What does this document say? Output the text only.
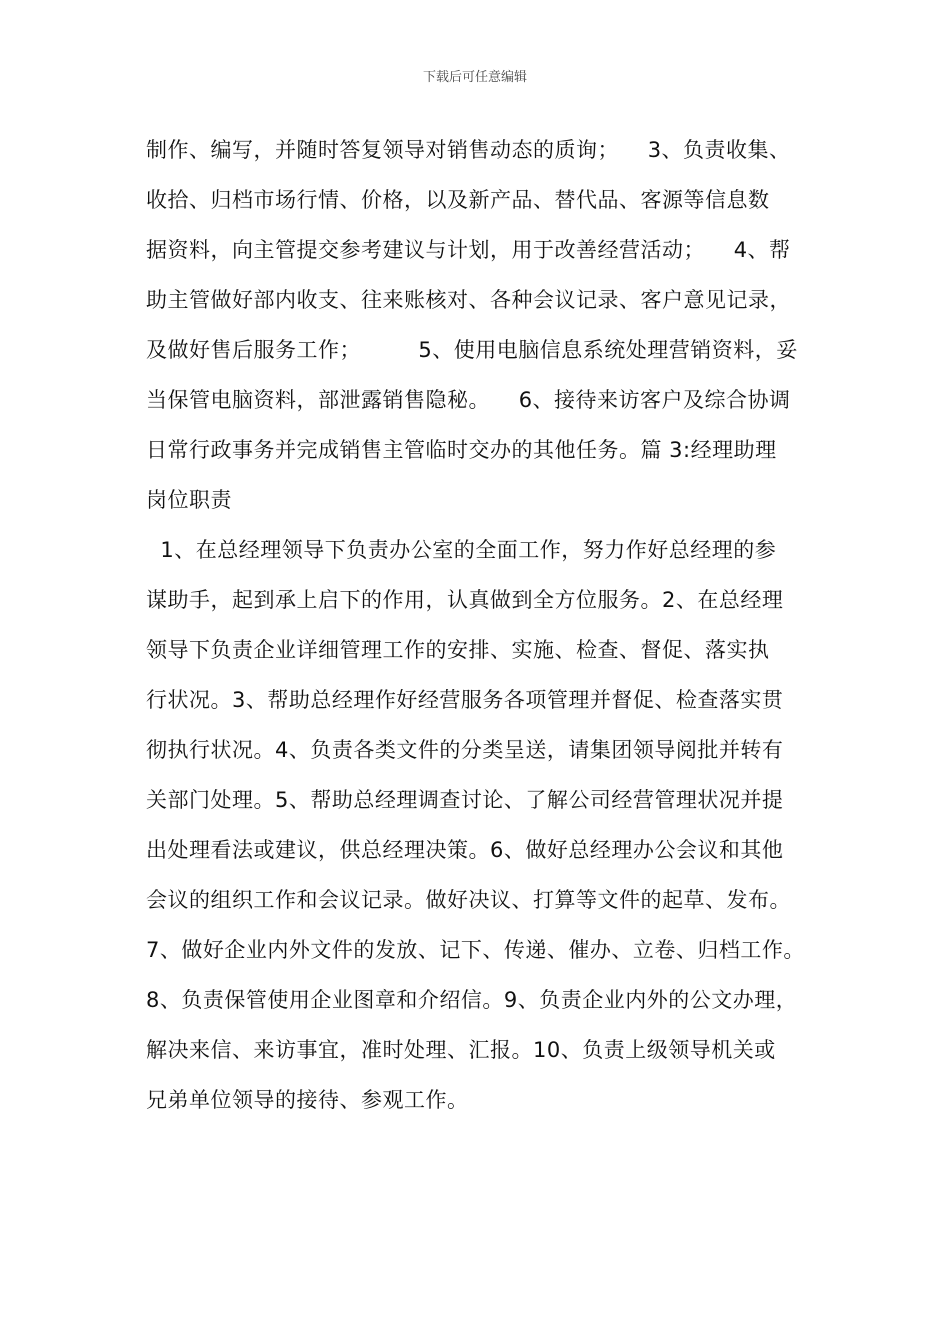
下载后可任意编辑
制作、编写，并随时答复领导对销售动态的质询；    3、负责收集、
收拾、归档市场行情、价格，以及新产品、替代品、客源等信息数
据资料，向主管提交参考建议与计划，用于改善经营活动；    4、帮
助主管做好部内收支、往来账核对、各种会议记录、客户意见记录，
及做好售后服务工作；        5、使用电脑信息系统处理营销资料，妥
当保管电脑资料，部泄露销售隐秘。    6、接待来访客户及综合协调
日常行政事务并完成销售主管临时交办的其他任务。篇 3:经理助理
岗位职责
1、在总经理领导下负责办公室的全面工作，努力作好总经理的参
谋助手，起到承上启下的作用，认真做到全方位服务。2、在总经理
领导下负责企业详细管理工作的安排、实施、检查、督促、落实执
行状况。3、帮助总经理作好经营服务各项管理并督促、检查落实贯
彻执行状况。4、负责各类文件的分类呈送，请集团领导阅批并转有
关部门处理。5、帮助总经理调查讨论、了解公司经营管理状况并提
出处理看法或建议，供总经理决策。6、做好总经理办公会议和其他
会议的组织工作和会议记录。做好决议、打算等文件的起草、发布。
7、做好企业内外文件的发放、记下、传递、催办、立卷、归档工作。
8、负责保管使用企业图章和介绍信。9、负责企业内外的公文办理，
解决来信、来访事宜，准时处理、汇报。10、负责上级领导机关或
兄弟单位领导的接待、参观工作。
